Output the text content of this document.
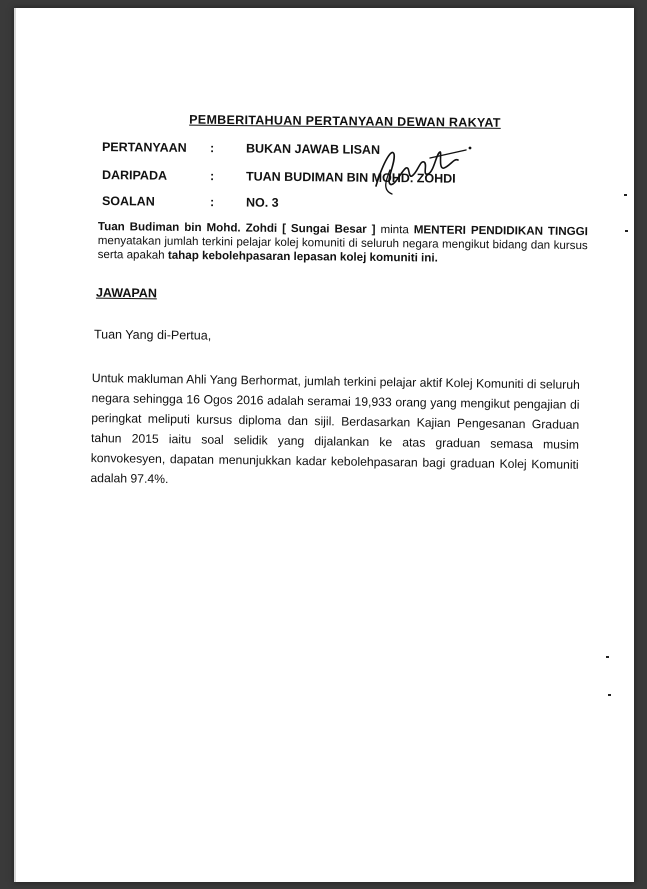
PEMBERITAHUAN PERTANYAAN DEWAN RAKYAT
PERTANYAAN :	BUKAN JAWAB LISAN
DARIPADA	:	TUAN BUDIMAN BIN MOHD. ZOHDI
SOALAN	:	NO. 3
Tuan Budiman bin Mohd. Zohdi [ Sungai Besar ] minta MENTERI PENDIDIKAN TINGGI menyatakan jumlah terkini pelajar kolej komuniti di seluruh negara mengikut bidang dan kursus serta apakah tahap kebolehpasaran lepasan kolej komuniti ini.
JAWAPAN
Tuan Yang di-Pertua,
Untuk makluman Ahli Yang Berhormat, jumlah terkini pelajar aktif Kolej Komuniti di seluruh negara sehingga 16 Ogos 2016 adalah seramai 19,933 orang yang mengikut pengajian di peringkat meliputi kursus diploma dan sijil. Berdasarkan Kajian Pengesanan Graduan tahun 2015 iaitu soal selidik yang dijalankan ke atas graduan semasa musim konvokesyen, dapatan menunjukkan kadar kebolehpasaran bagi graduan Kolej Komuniti adalah 97.4%.
